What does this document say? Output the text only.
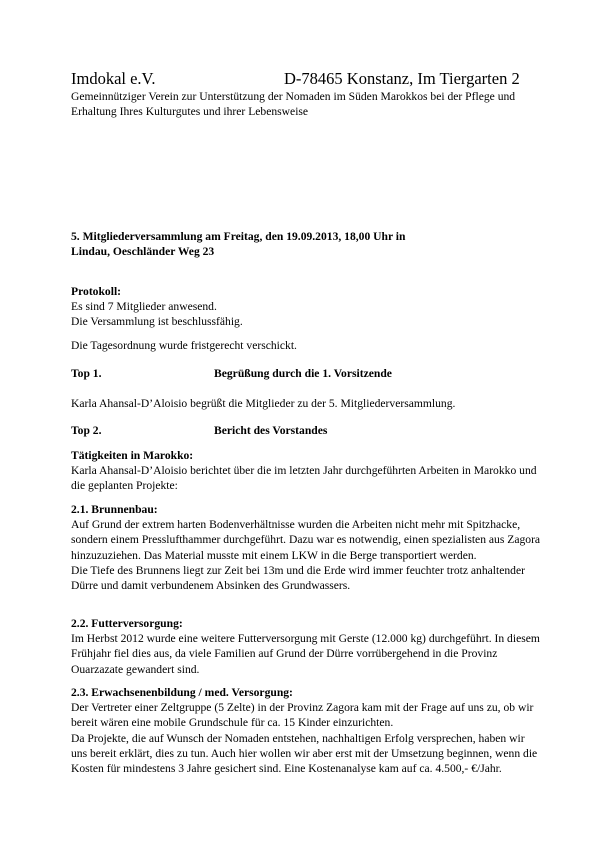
Imdokal e.V.	D-78465 Konstanz, Im Tiergarten 2
Gemeinnütziger Verein zur Unterstützung der Nomaden im Süden Marokkos bei der Pflege und Erhaltung Ihres Kulturgutes und ihrer Lebensweise

5. Mitgliederversammlung am Freitag, den 19.09.2013, 18,00 Uhr in

Lindau, Oeschländer Weg 23

Protokoll:

Es sind 7 Mitglieder anwesend.

Die Versammlung ist beschlussfähig.

Die Tagesordnung wurde fristgerecht verschickt.
Top 1.	Begrüßung durch die 1. Vorsitzende
Karla Ahansal-D’Aloisio begrüßt die Mitglieder zu der 5. Mitgliederversammlung.
Top 2.	Bericht des Vorstandes

Tätigkeiten in Marokko:

Karla Ahansal-D’Aloisio berichtet über die im letzten Jahr durchgeführten Arbeiten in Marokko und die geplanten Projekte:

2.1. Brunnenbau:

Auf Grund der extrem harten Bodenverhältnisse wurden die Arbeiten nicht mehr mit Spitzhacke, sondern einem Presslufthammer durchgeführt. Dazu war es notwendig, einen spezialisten aus Zagora hinzuzuziehen. Das Material musste mit einem LKW in die Berge transportiert werden.

Die Tiefe des Brunnens liegt zur Zeit bei 13m und die Erde wird immer feuchter trotz anhaltender Dürre und damit verbundenem Absinken des Grundwassers.

2.2. Futterversorgung:

Im Herbst 2012 wurde eine weitere Futterversorgung mit Gerste (12.000 kg) durchgeführt. In diesem Frühjahr fiel dies aus, da viele Familien auf Grund der Dürre vorrübergehend in die Provinz Ouarzazate gewandert sind.

2.3. Erwachsenenbildung / med. Versorgung:

Der Vertreter einer Zeltgruppe (5 Zelte) in der Provinz Zagora kam mit der Frage auf uns zu, ob wir bereit wären eine mobile Grundschule für ca. 15 Kinder einzurichten.

Da Projekte, die auf Wunsch der Nomaden entstehen, nachhaltigen Erfolg versprechen, haben wir uns bereit erklärt, dies zu tun. Auch hier wollen wir aber erst mit der Umsetzung beginnen, wenn die Kosten für mindestens 3 Jahre gesichert sind. Eine Kostenanalyse kam auf ca. 4.500,- €/Jahr.
